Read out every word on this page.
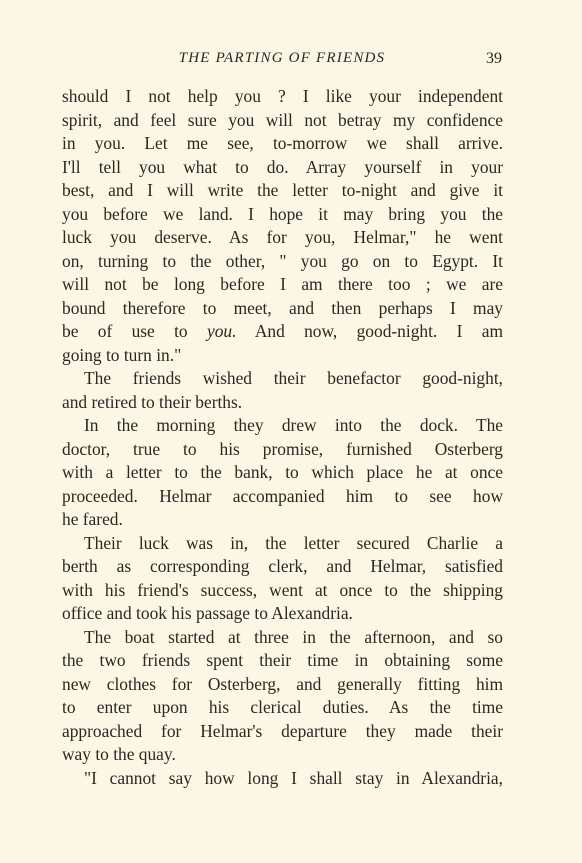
THE PARTING OF FRIENDS	39
should I not help you ? I like your independent
spirit, and feel sure you will not betray my confidence
in you. Let me see, to-morrow we shall arrive.
I'll tell you what to do. Array yourself in your
best, and I will write the letter to-night and give it
you before we land. I hope it may bring you the
luck you deserve. As for you, Helmar," he went
on, turning to the other, " you go on to Egypt. It
will not be long before I am there too ; we are
bound therefore to meet, and then perhaps I may
be of use to you. And now, good-night. I am
going to turn in."
The friends wished their benefactor good-night,
and retired to their berths.
In the morning they drew into the dock. The
doctor, true to his promise, furnished Osterberg
with a letter to the bank, to which place he at once
proceeded. Helmar accompanied him to see how
he fared.
Their luck was in, the letter secured Charlie a
berth as corresponding clerk, and Helmar, satisfied
with his friend's success, went at once to the shipping
office and took his passage to Alexandria.
The boat started at three in the afternoon, and so
the two friends spent their time in obtaining some
new clothes for Osterberg, and generally fitting him
to enter upon his clerical duties. As the time
approached for Helmar's departure they made their
way to the quay.
"I cannot say how long I shall stay in Alexandria,
